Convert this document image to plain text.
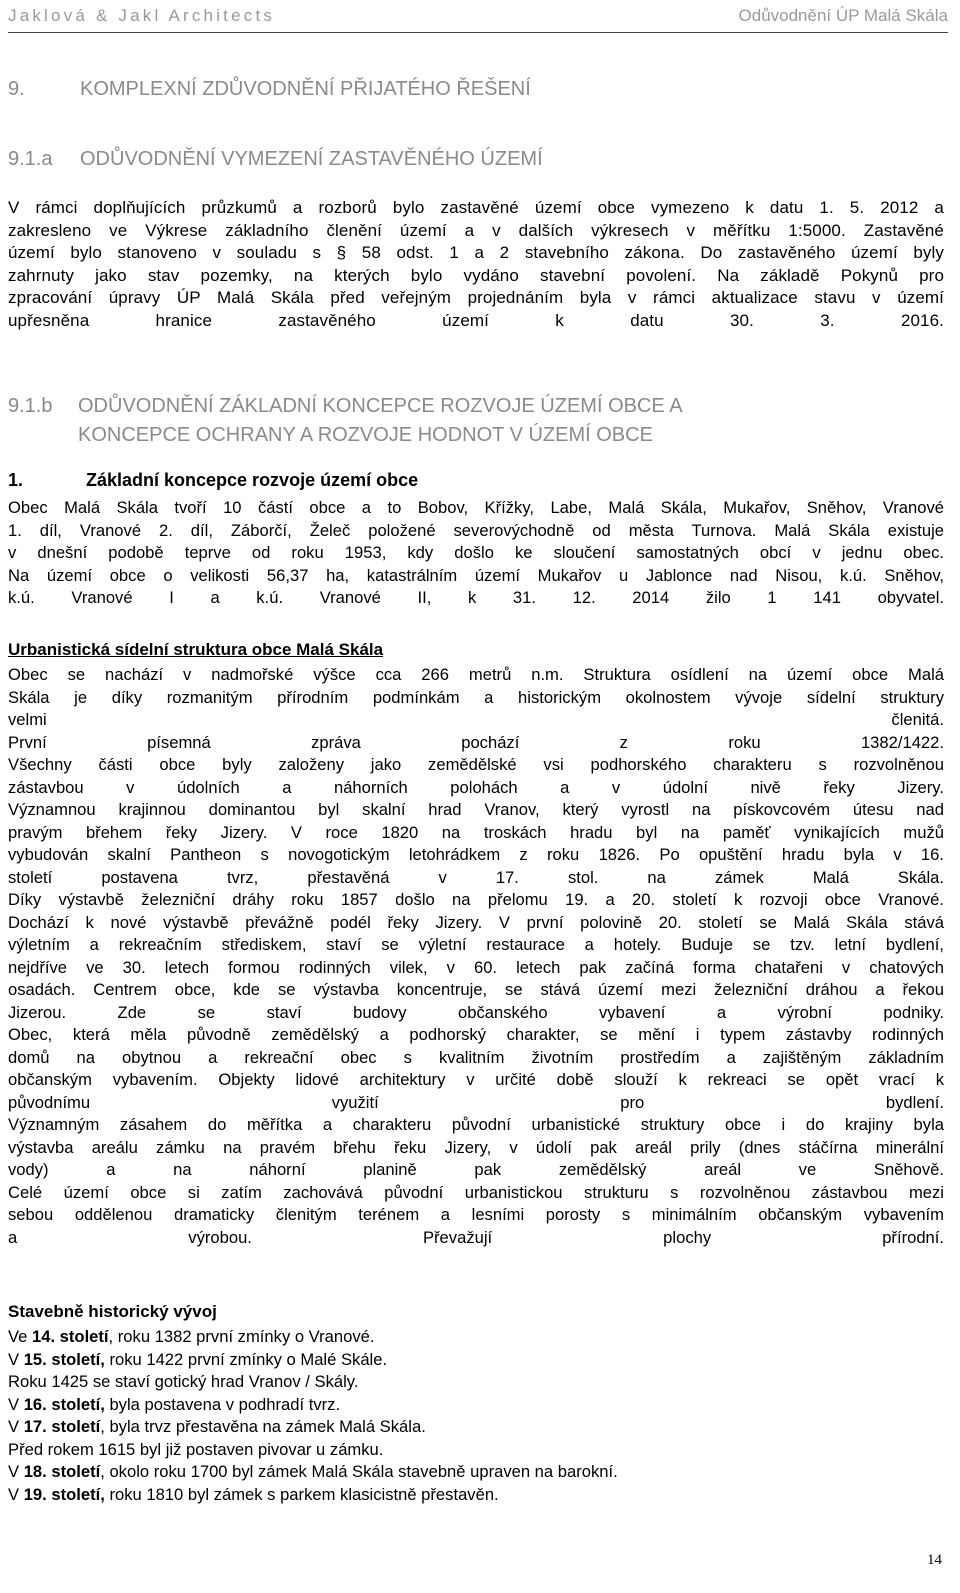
Jaklová & Jakl Architects	Odůvodnění ÚP Malá Skála
9.	KOMPLEXNÍ ZDŮVODNĚNÍ PŘIJATÉHO ŘEŠENÍ
9.1.a ODŮVODNĚNÍ VYMEZENÍ ZASTAVĚNÉHO ÚZEMÍ
V rámci doplňujících průzkumů a rozborů bylo zastavěné území obce vymezeno k datu 1. 5. 2012 a
zakresleno ve Výkrese základního členění území a v dalších výkresech v měřítku 1:5000. Zastavěné
území bylo stanoveno v souladu s § 58 odst. 1 a 2 stavebního zákona. Do zastavěného území byly
zahrnuty jako stav pozemky, na kterých bylo vydáno stavební povolení. Na základě Pokynů pro
zpracování úpravy ÚP Malá Skála před veřejným projednáním byla v rámci aktualizace stavu v území
upřesněna hranice zastavěného území k datu 30. 3. 2016.
9.1.b	ODŮVODNĚNÍ ZÁKLADNÍ KONCEPCE ROZVOJE ÚZEMÍ OBCE A
KONCEPCE OCHRANY A ROZVOJE HODNOT V ÚZEMÍ OBCE
1.	Základní koncepce rozvoje území obce
Obec Malá Skála tvoří 10 částí obce a to Bobov, Křížky, Labe, Malá Skála, Mukařov, Sněhov, Vranové
1. díl, Vranové 2. díl, Záborčí, Želeč položené severovýchodně od města Turnova. Malá Skála existuje
v dnešní podobě teprve od roku 1953, kdy došlo ke sloučení samostatných obcí v jednu obec.
Na území obce o velikosti 56,37 ha, katastrálním území Mukařov u Jablonce nad Nisou, k.ú. Sněhov,
k.ú. Vranové I a k.ú. Vranové II, k 31. 12. 2014 žilo 1 141 obyvatel.
Urbanistická sídelní struktura obce Malá Skála
Obec se nachází v nadmořské výšce cca 266 metrů n.m. Struktura osídlení na území obce Malá
Skála je díky rozmanitým přírodním podmínkám a historickým okolnostem vývoje sídelní struktury
velmi členitá.
První písemná zpráva pochází z roku 1382/1422.
Všechny části obce byly založeny jako zemědělské vsi podhorského charakteru s rozvolněnou
zástavbou v údolních a náhorních polohách a v údolní nivě řeky Jizery.
Významnou krajinnou dominantou byl skalní hrad Vranov, který vyrostl na pískovcovém útesu nad
pravým břehem řeky Jizery. V roce 1820 na troskách hradu byl na paměť vynikajících mužů
vybudován skalní Pantheon s novogotickým letohrádkem z roku 1826. Po opuštění hradu byla v 16.
století postavena tvrz, přestavěná v 17. stol. na zámek Malá Skála.
Díky výstavbě železniční dráhy roku 1857 došlo na přelomu 19. a 20. století k rozvoji obce Vranové.
Dochází k nové výstavbě převážně podél řeky Jizery. V první polovině 20. století se Malá Skála stává
výletním a rekreačním střediskem, staví se výletní restaurace a hotely. Buduje se tzv. letní bydlení,
nejdříve ve 30. letech formou rodinných vilek, v 60. letech pak začíná forma chatařeni v chatových
osadách. Centrem obce, kde se výstavba koncentruje, se stává území mezi železniční dráhou a řekou
Jizerou. Zde se staví budovy občanského vybavení a výrobní podniky.
Obec, která měla původně zemědělský a podhorský charakter, se mění i typem zástavby rodinných
domů na obytnou a rekreační obec s kvalitním životním prostředím a zajištěným základním
občanským vybavením. Objekty lidové architektury v určité době slouží k rekreaci se opět vrací k
původnímu využití pro bydlení.
Významným zásahem do měřítka a charakteru původní urbanistické struktury obce i do krajiny byla
výstavba areálu zámku na pravém břehu řeku Jizery, v údolí pak areál prily (dnes stáčírna minerální
vody) a na náhorní planině pak zemědělský areál ve Sněhově.
Celé území obce si zatím zachovává původní urbanistickou strukturu s rozvolněnou zástavbou mezi
sebou oddělenou dramaticky členitým terénem a lesními porosty s minimálním občanským vybavením
a výrobou. Převažují plochy přírodní.
Stavebně historický vývoj
Ve 14. století, roku 1382 první zmínky o Vranové.
V 15. století, roku 1422 první zmínky o Malé Skále.
Roku 1425 se staví gotický hrad Vranov / Skály.
V 16. století, byla postavena v podhradí tvrz.
V 17. století, byla trvz přestavěna na zámek Malá Skála.
Před rokem 1615 byl již postaven pivovar u zámku.
V 18. století, okolo roku 1700 byl zámek Malá Skála stavebně upraven na barokní.
V 19. století, roku 1810 byl zámek s parkem klasicistně přestavěn.
14
